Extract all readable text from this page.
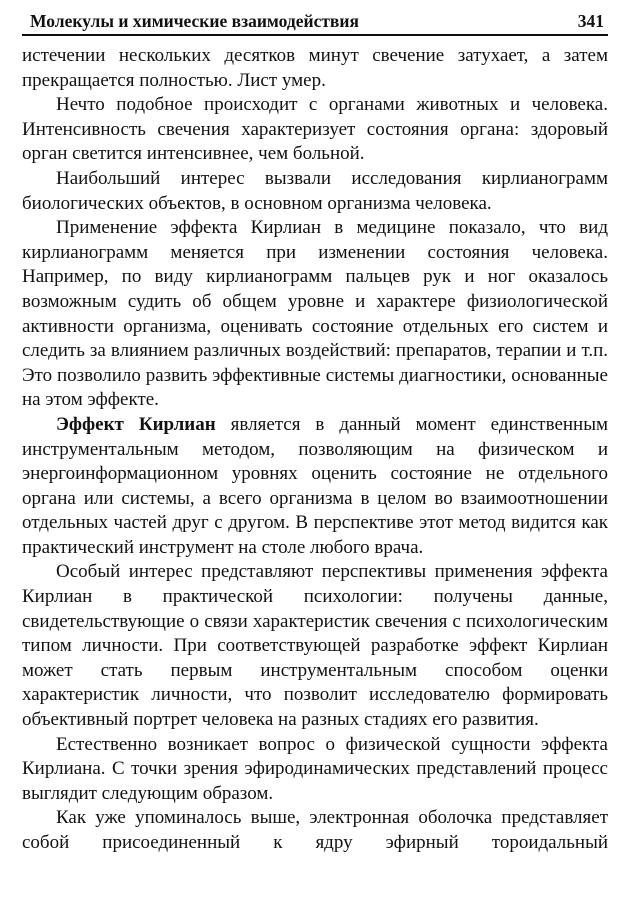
Молекулы и химические взаимодействия	341

истечении нескольких десятков минут свечение затухает, а затем прекращается полностью. Лист умер.

Нечто подобное происходит с органами животных и человека. Интенсивность свечения характеризует состояния органа: здоровый орган светится интенсивнее, чем больной.

Наибольший интерес вызвали исследования кирлианограмм биологических объектов, в основном организма человека.

Применение эффекта Кирлиан в медицине показало, что вид кирлианограмм меняется при изменении состояния человека. Например, по виду кирлианограмм пальцев рук и ног оказалось возможным судить об общем уровне и характере физиологической активности организма, оценивать состояние отдельных его систем и следить за влиянием различных воздействий: препаратов, терапии и т.п. Это позволило развить эффективные системы диагностики, основанные на этом эффекте.

Эффект Кирлиан является в данный момент единственным инструментальным методом, позволяющим на физическом и энергоинформационном уровнях оценить состояние не отдельного органа или системы, а всего организма в целом во взаимоотношении отдельных частей друг с другом. В перспективе этот метод видится как практический инструмент на столе любого врача.

Особый интерес представляют перспективы применения эффекта Кирлиан в практической психологии: получены данные, свидетельствующие о связи характеристик свечения с психологическим типом личности. При соответствующей разработке эффект Кирлиан может стать первым инструментальным способом оценки характеристик личности, что позволит исследователю формировать объективный портрет человека на разных стадиях его развития.

Естественно возникает вопрос о физической сущности эффекта Кирлиана. С точки зрения эфиродинамических представлений процесс выглядит следующим образом.

Как уже упоминалось выше, электронная оболочка представляет собой присоединенный к ядру эфирный тороидальный
